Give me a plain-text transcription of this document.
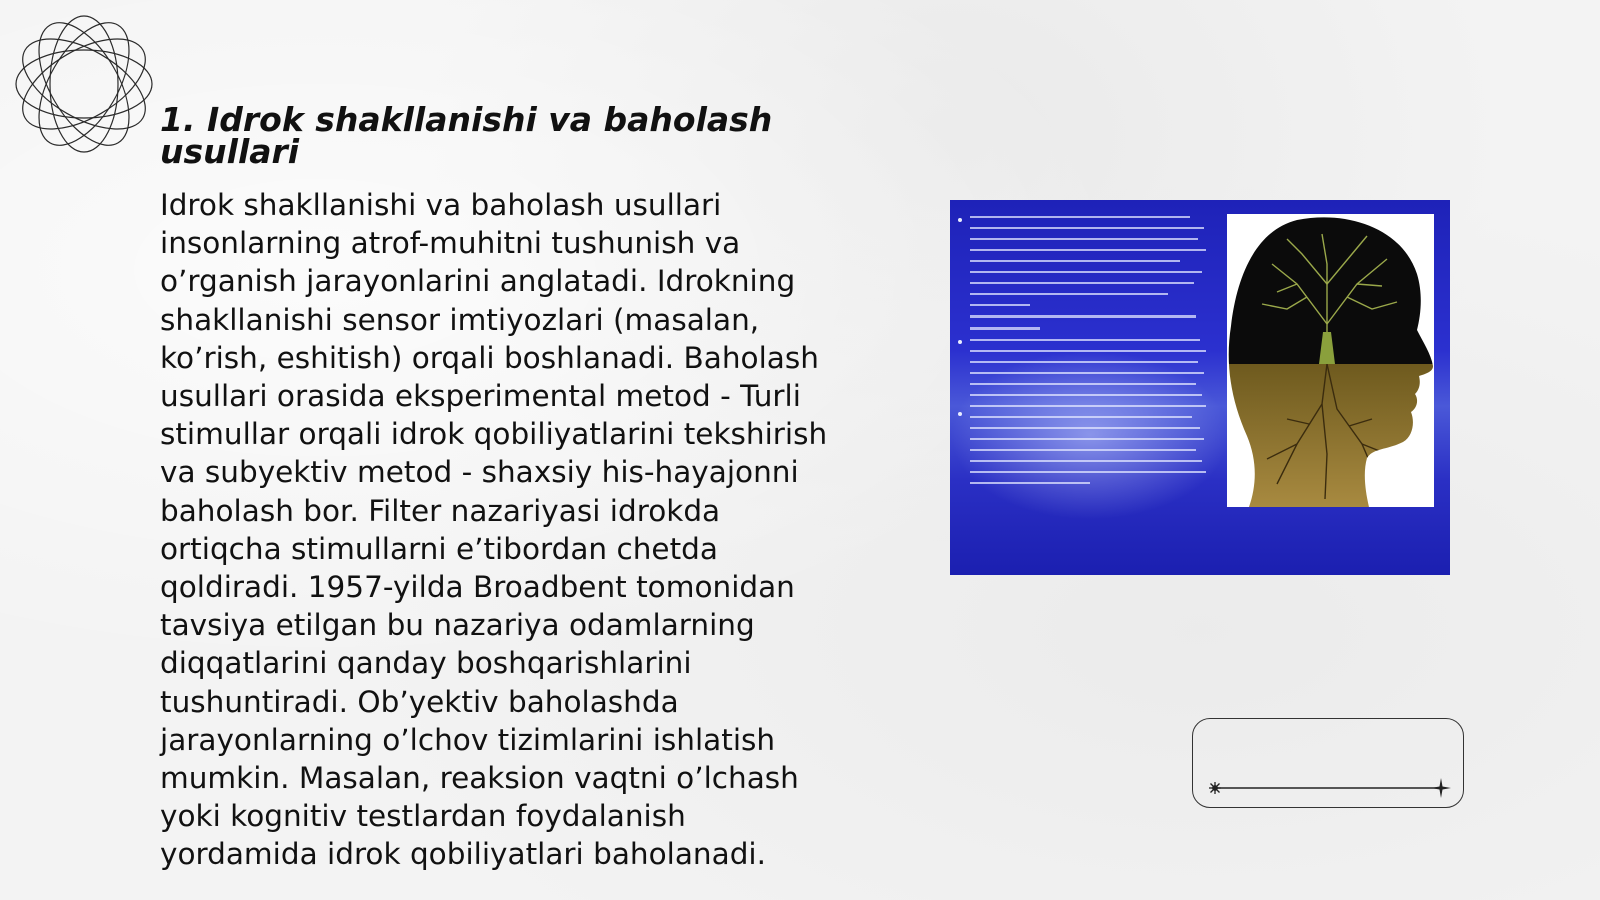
1. Idrok shakllanishi va baholash usullari

Idrok shakllanishi va baholash usullari insonlarning atrof-muhitni tushunish va o’rganish jarayonlarini anglatadi. Idrokning shakllanishi sensor imtiyozlari (masalan, ko’rish, eshitish) orqali boshlanadi. Baholash usullari orasida eksperimental metod - Turli stimullar orqali idrok qobiliyatlarini tekshirish va subyektiv metod - shaxsiy his-hayajonni baholash bor. Filter nazariyasi idrokda ortiqcha stimullarni e’tibordan chetda qoldiradi. 1957-yilda Broadbent tomonidan tavsiya etilgan bu nazariya odamlarning diqqatlarini qanday boshqarishlarini tushuntiradi. Ob’yektiv baholashda jarayonlarning o’lchov tizimlarini ishlatish mumkin. Masalan, reaksion vaqtni o’lchash yoki kognitiv testlardan foydalanish yordamida idrok qobiliyatlari baholanadi.
